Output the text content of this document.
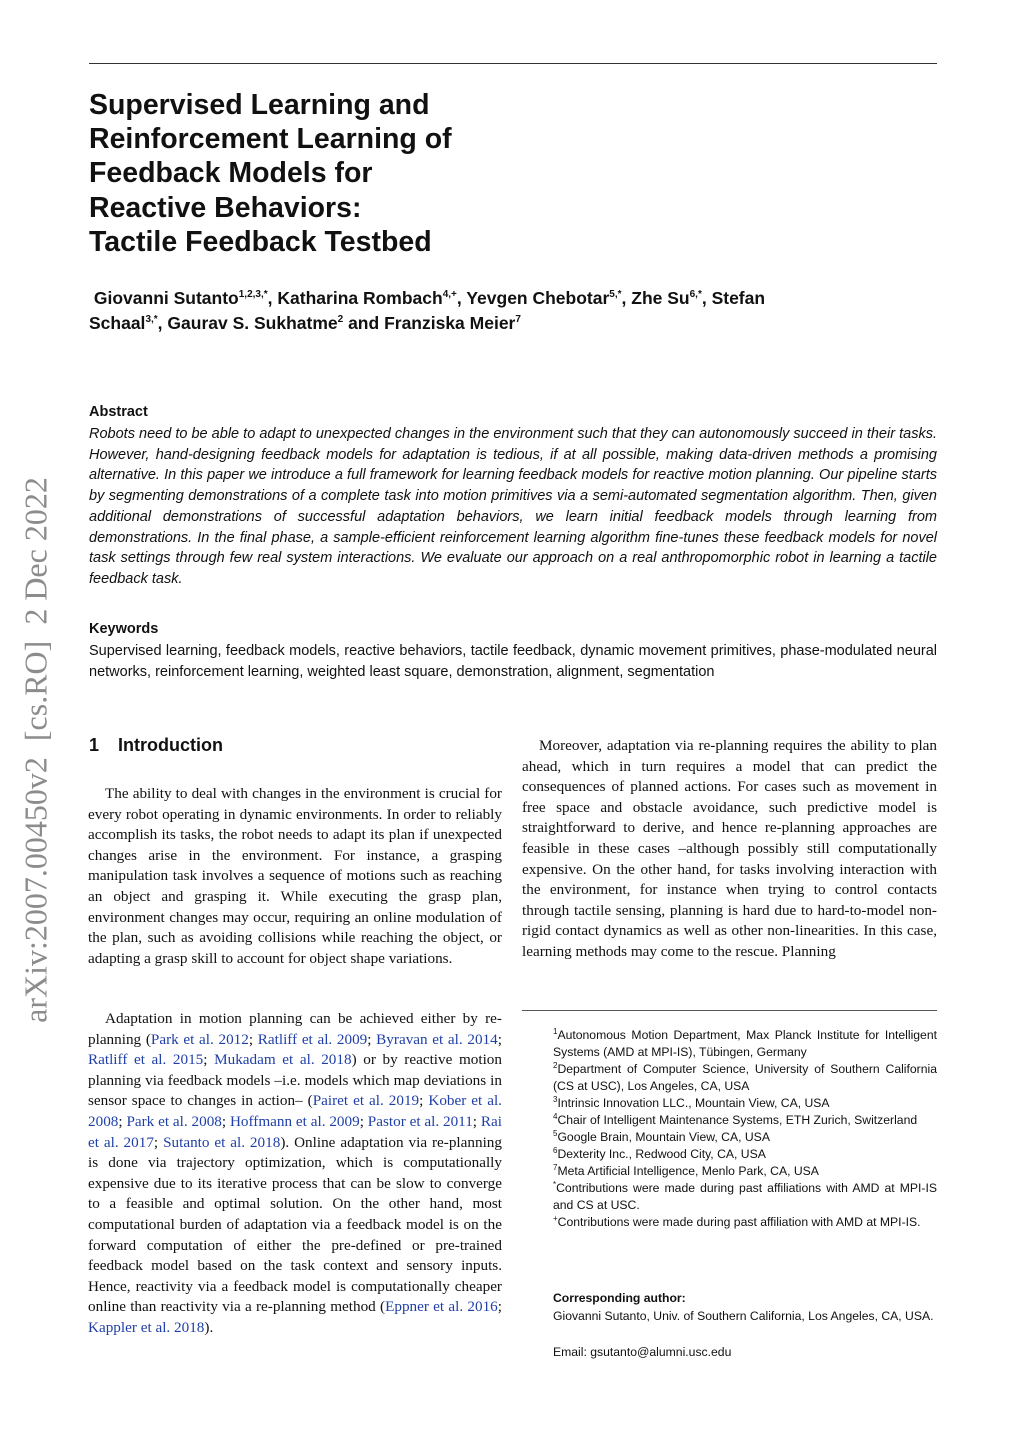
Supervised Learning and
Reinforcement Learning of
Feedback Models for
Reactive Behaviors:
Tactile Feedback Testbed
Giovanni Sutanto$^{1,2,3,*}$, Katharina Rombach$^{4,+}$, Yevgen Chebotar$^{5,*}$, Zhe $Su^{6,*}$, Stefan
Schaal$^{3,*}$, Gaurav S. Sukhatme$^2$ and Franziska Meier$^7$
Abstract
Robots need to be able to adapt to unexpected changes in the environment such that they can autonomously succeed in their tasks. However, hand-designing feedback models for adaptation is tedious, if at all possible, making data-driven methods a promising alternative. In this paper we introduce a full framework for learning feedback models for reactive motion planning. Our pipeline starts by segmenting demonstrations of a complete task into motion primitives via a semi-automated segmentation algorithm. Then, given additional demonstrations of successful adaptation behaviors, we learn initial feedback models through learning from demonstrations. In the final phase, a sample-efficient reinforcement learning algorithm fine-tunes these feedback models for novel task settings through few real system interactions. We evaluate our approach on a real anthropomorphic robot in learning a tactile feedback task.
Keywords
Supervised learning, feedback models, reactive behaviors, tactile feedback, dynamic movement primitives, phase-modulated neural networks, reinforcement learning, weighted least square, demonstration, alignment, segmentation
1 Introduction
The ability to deal with changes in the environment is crucial for every robot operating in dynamic environments. In order to reliably accomplish its tasks, the robot needs to adapt its plan if unexpected changes arise in the environment. For instance, a grasping manipulation task involves a sequence of motions such as reaching an object and grasping it. While executing the grasp plan, environment changes may occur, requiring an online modulation of the plan, such as avoiding collisions while reaching the object, or adapting a grasp skill to account for object shape variations.
Adaptation in motion planning can be achieved either by re-planning (Park et al. 2012; Ratliff et al. 2009; Byravan et al. 2014; Ratliff et al. 2015; Mukadam et al. 2018) or by reactive motion planning via feedback models –i.e. models which map deviations in sensor space to changes in action– (Pairet et al. 2019; Kober et al. 2008; Park et al. 2008; Hoffmann et al. 2009; Pastor et al. 2011; Rai et al. 2017; Sutanto et al. 2018). Online adaptation via re-planning is done via trajectory optimization, which is computationally expensive due to its iterative process that can be slow to converge to a feasible and optimal solution. On the other hand, most computational burden of adaptation via a feedback model is on the forward computation of either the pre-defined or pre-trained feedback model based on the task context and sensory inputs. Hence, reactivity via a feedback model is computationally cheaper online than reactivity via a re-planning method (Eppner et al. 2016; Kappler et al. 2018).
Moreover, adaptation via re-planning requires the ability to plan ahead, which in turn requires a model that can predict the consequences of planned actions. For cases such as movement in free space and obstacle avoidance, such predictive model is straightforward to derive, and hence re-planning approaches are feasible in these cases –although possibly still computationally expensive. On the other hand, for tasks involving interaction with the environment, for instance when trying to control contacts through tactile sensing, planning is hard due to hard-to-model non-rigid contact dynamics as well as other non-linearities. In this case, learning methods may come to the rescue. Planning
$^1$Autonomous Motion Department, Max Planck Institute for Intelligent Systems (AMD at MPI-IS), Tübingen, Germany
$^2$Department of Computer Science, University of Southern California (CS at USC), Los Angeles, CA, USA
$^3$Intrinsic Innovation LLC., Mountain View, CA, USA
$^4$Chair of Intelligent Maintenance Systems, ETH Zurich, Switzerland
$^5$Google Brain, Mountain View, CA, USA
$^6$Dexterity Inc., Redwood City, CA, USA
$^7$Meta Artificial Intelligence, Menlo Park, CA, USA
*Contributions were made during past affiliations with AMD at MPI-IS and CS at USC.
+Contributions were made during past affiliation with AMD at MPI-IS.
Corresponding author:
Giovanni Sutanto, Univ. of Southern California, Los Angeles, CA, USA.
Email: gsutanto@alumni.usc.edu
arXiv:2007.00450v2  [cs.RO]  2 Dec 2022
